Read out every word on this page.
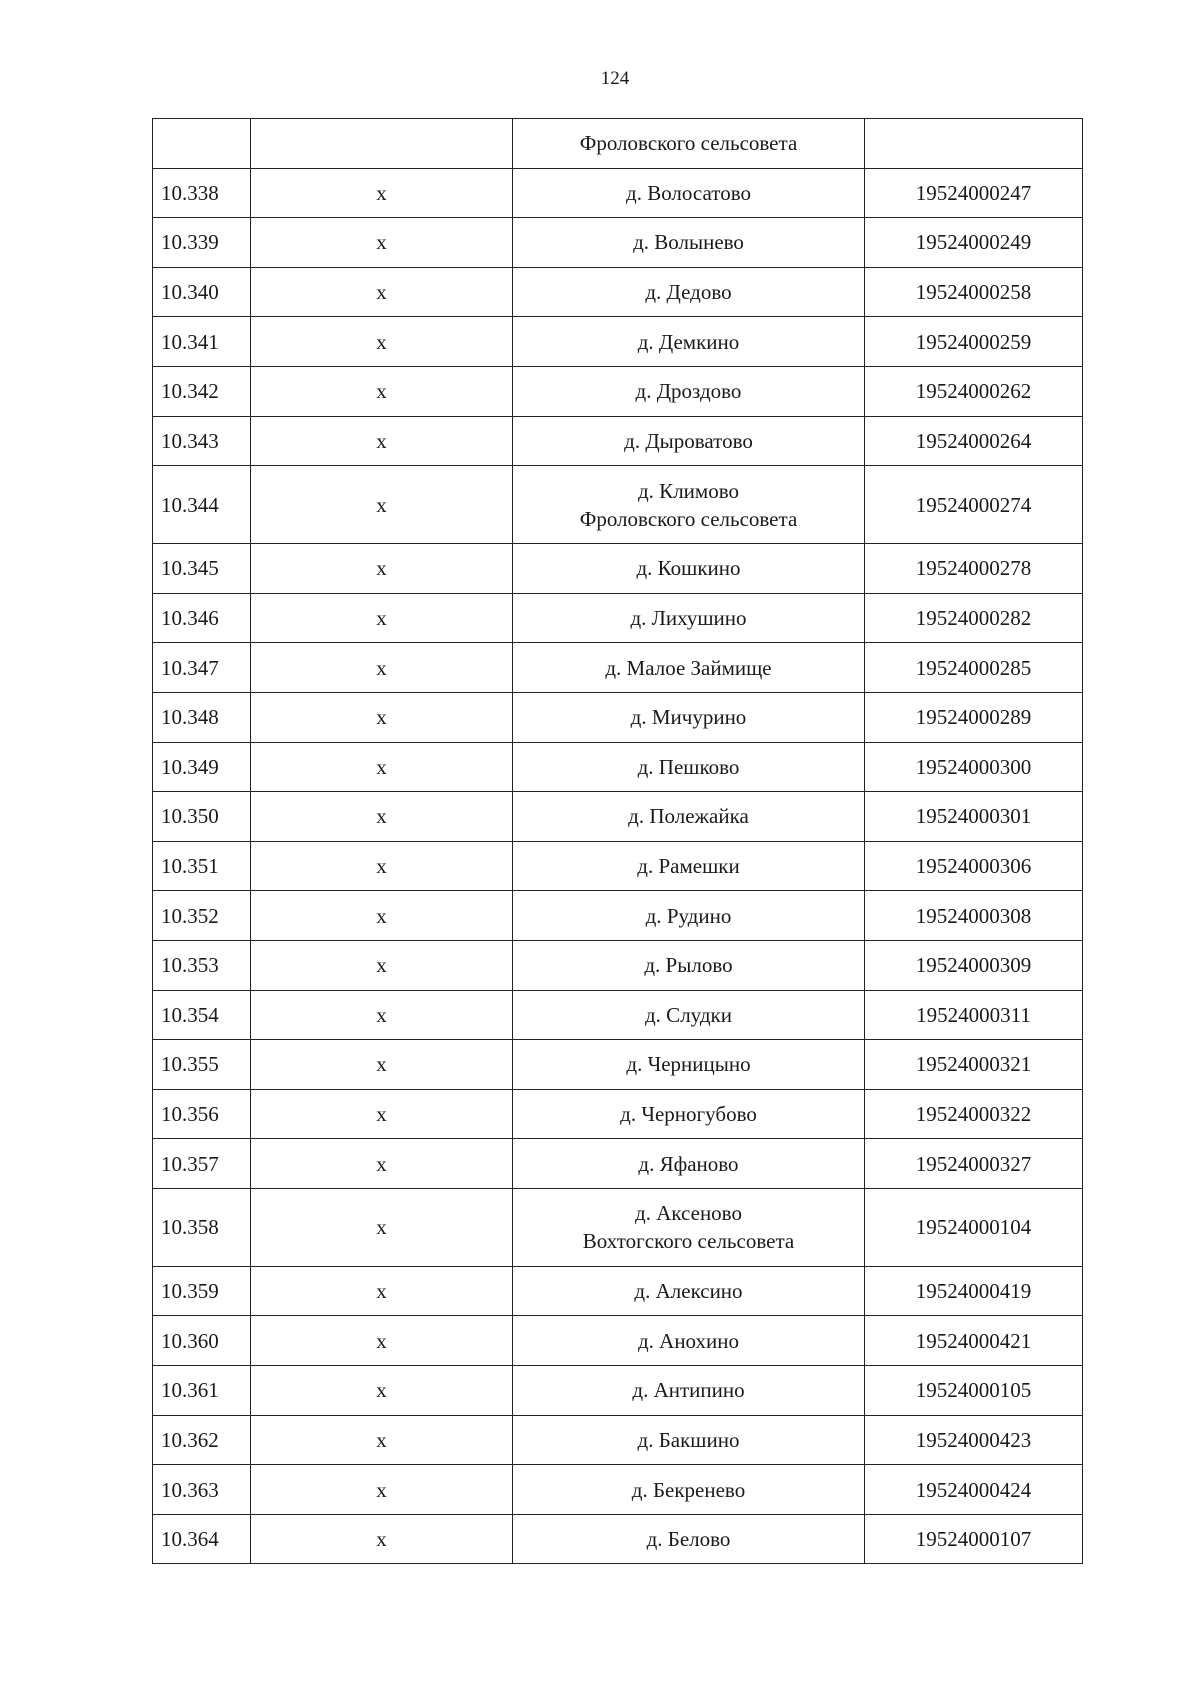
124

		Фроловского сельсовета	

10.338	х	д. Волосатово	19524000247
10.339	х	д. Волынево	19524000249
10.340	х	д. Дедово	19524000258
10.341	х	д. Демкино	19524000259
10.342	х	д. Дроздово	19524000262
10.343	х	д. Дыроватово	19524000264
10.344	х	д. Климово
Фроловского сельсовета	19524000274
10.345	х	д. Кошкино	19524000278
10.346	х	д. Лихушино	19524000282
10.347	х	д. Малое Займище	19524000285
10.348	х	д. Мичурино	19524000289
10.349	х	д. Пешково	19524000300
10.350	х	д. Полежайка	19524000301
10.351	х	д. Рамешки	19524000306
10.352	х	д. Рудино	19524000308
10.353	х	д. Рылово	19524000309
10.354	х	д. Слудки	19524000311
10.355	х	д. Черницыно	19524000321
10.356	х	д. Черногубово	19524000322
10.357	х	д. Яфаново	19524000327
10.358	х	д. Аксеново
Вохтогского сельсовета	19524000104
10.359	х	д. Алексино	19524000419
10.360	х	д. Анохино	19524000421
10.361	х	д. Антипино	19524000105
10.362	х	д. Бакшино	19524000423
10.363	х	д. Бекренево	19524000424
10.364	х	д. Белово	19524000107
